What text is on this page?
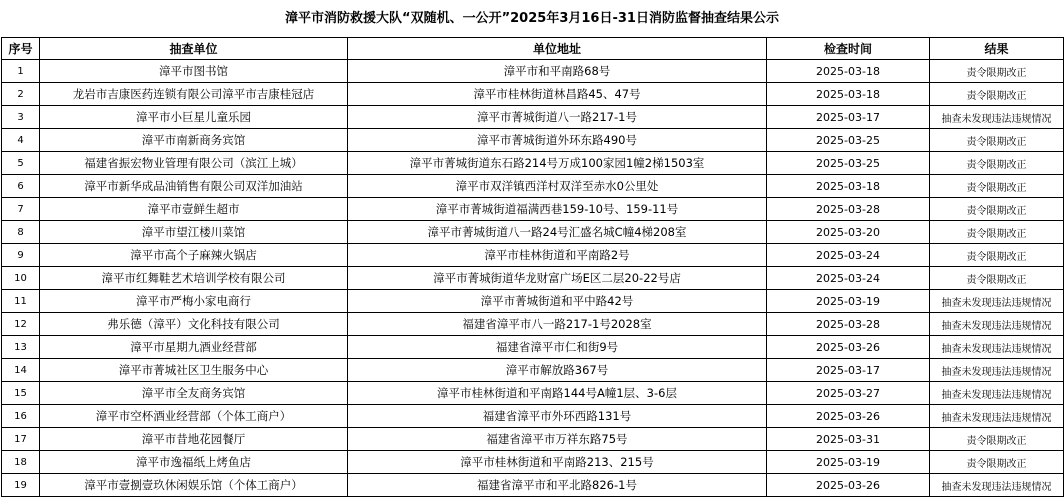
漳平市消防救援大队“双随机、一公开”2025年3月16日-31日消防监督抽查结果公示
序号	抽查单位	单位地址	检查时间	结果
1	漳平市图书馆	漳平市和平南路68号	2025-03-18	责令限期改正
2	龙岩市吉康医药连锁有限公司漳平市吉康桂冠店	漳平市桂林街道林昌路45、47号	2025-03-18	责令限期改正
3	漳平市小巨星儿童乐园	漳平市菁城街道八一路217-1号	2025-03-17	抽查未发现违法违规情况
4	漳平市南新商务宾馆	漳平市菁城街道外环东路490号	2025-03-25	责令限期改正
5	福建省振宏物业管理有限公司（滨江上城）	漳平市菁城街道东石路214号万成100家园1幢2梯1503室	2025-03-25	责令限期改正
6	漳平市新华成品油销售有限公司双洋加油站	漳平市双洋镇西洋村双洋至赤水0公里处	2025-03-18	责令限期改正
7	漳平市壹鲜生超市	漳平市菁城街道福满西巷159-10号、159-11号	2025-03-28	责令限期改正
8	漳平市望江楼川菜馆	漳平市菁城街道八一路24号汇盛名城C幢4梯208室	2025-03-20	责令限期改正
9	漳平市高个子麻辣火锅店	漳平市桂林街道和平南路2号	2025-03-24	责令限期改正
10	漳平市红舞鞋艺术培训学校有限公司	漳平市菁城街道华龙财富广场E区二层20-22号店	2025-03-24	责令限期改正
11	漳平市严梅小家电商行	漳平市菁城街道和平中路42号	2025-03-19	抽查未发现违法违规情况
12	弗乐德（漳平）文化科技有限公司	福建省漳平市八一路217-1号2028室	2025-03-28	抽查未发现违法违规情况
13	漳平市星期九酒业经营部	福建省漳平市仁和街9号	2025-03-26	抽查未发现违法违规情况
14	漳平市菁城社区卫生服务中心	漳平市解放路367号	2025-03-17	抽查未发现违法违规情况
15	漳平市全友商务宾馆	漳平市桂林街道和平南路144号A幢1层、3-6层	2025-03-27	抽查未发现违法违规情况
16	漳平市空杯酒业经营部（个体工商户）	福建省漳平市外环西路131号	2025-03-26	抽查未发现违法违规情况
17	漳平市昔地花园餐厅	福建省漳平市万祥东路75号	2025-03-31	责令限期改正
18	漳平市逸福纸上烤鱼店	漳平市桂林街道和平南路213、215号	2025-03-19	责令限期改正
19	漳平市壹捌壹玖休闲娱乐馆（个体工商户）	福建省漳平市和平北路826-1号	2025-03-26	抽查未发现违法违规情况
